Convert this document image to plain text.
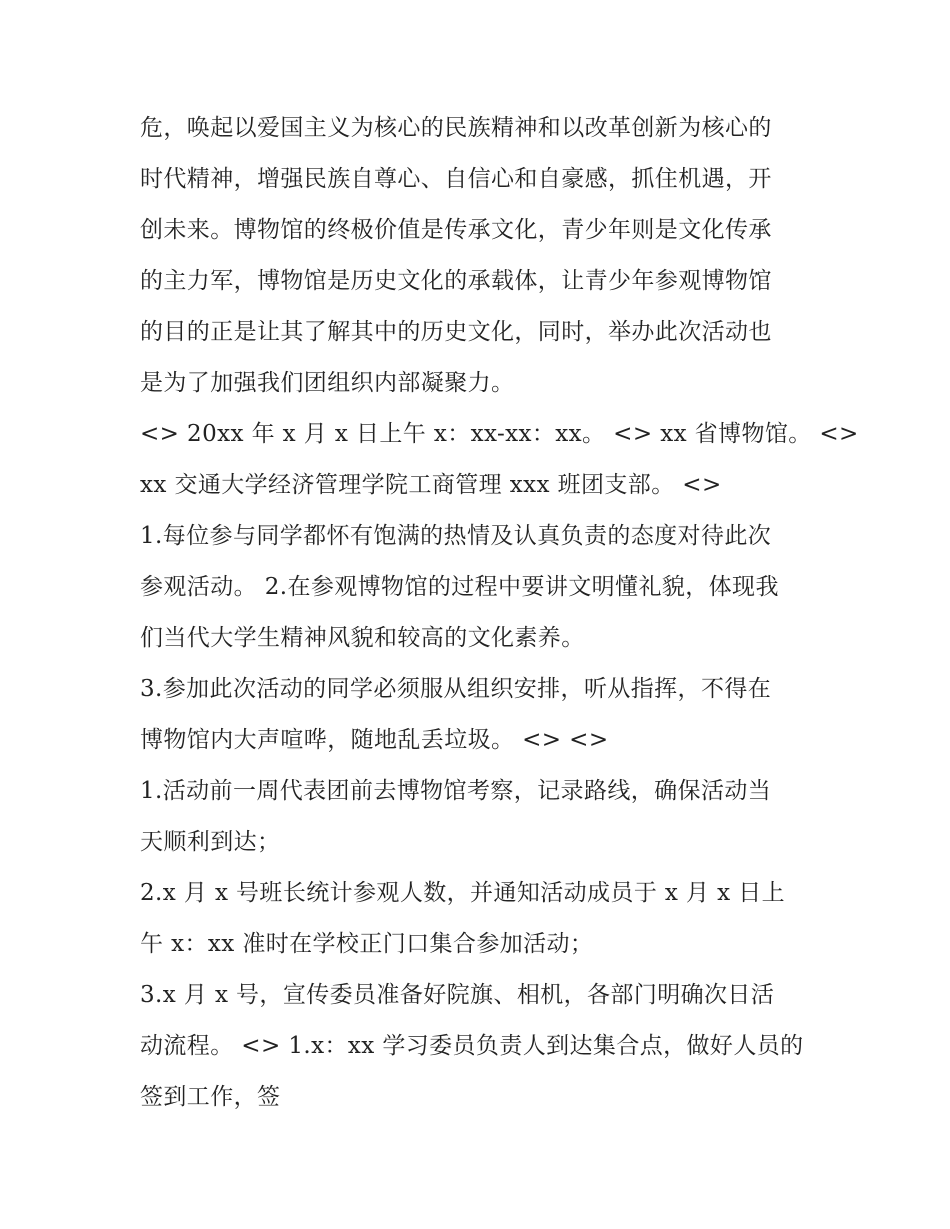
危，唤起以爱国主义为核心的民族精神和以改革创新为核心的
时代精神，增强民族自尊心、自信心和自豪感，抓住机遇，开
创未来。博物馆的终极价值是传承文化，青少年则是文化传承
的主力军，博物馆是历史文化的承载体，让青少年参观博物馆
的目的正是让其了解其中的历史文化，同时，举办此次活动也
是为了加强我们团组织内部凝聚力。
<> 20xx 年 x 月 x 日上午 x：xx-xx：xx。 <> xx 省博物馆。 <>
xx 交通大学经济管理学院工商管理 xxx 班团支部。 <>
1.每位参与同学都怀有饱满的热情及认真负责的态度对待此次
参观活动。 2.在参观博物馆的过程中要讲文明懂礼貌，体现我
们当代大学生精神风貌和较高的文化素养。
3.参加此次活动的同学必须服从组织安排，听从指挥，不得在
博物馆内大声喧哗，随地乱丢垃圾。 <> <>
1.活动前一周代表团前去博物馆考察，记录路线，确保活动当
天顺利到达；
2.x 月 x 号班长统计参观人数，并通知活动成员于 x 月 x 日上
午 x：xx 准时在学校正门口集合参加活动；
3.x 月 x 号，宣传委员准备好院旗、相机，各部门明确次日活
动流程。 <> 1.x：xx 学习委员负责人到达集合点，做好人员的
签到工作，签
